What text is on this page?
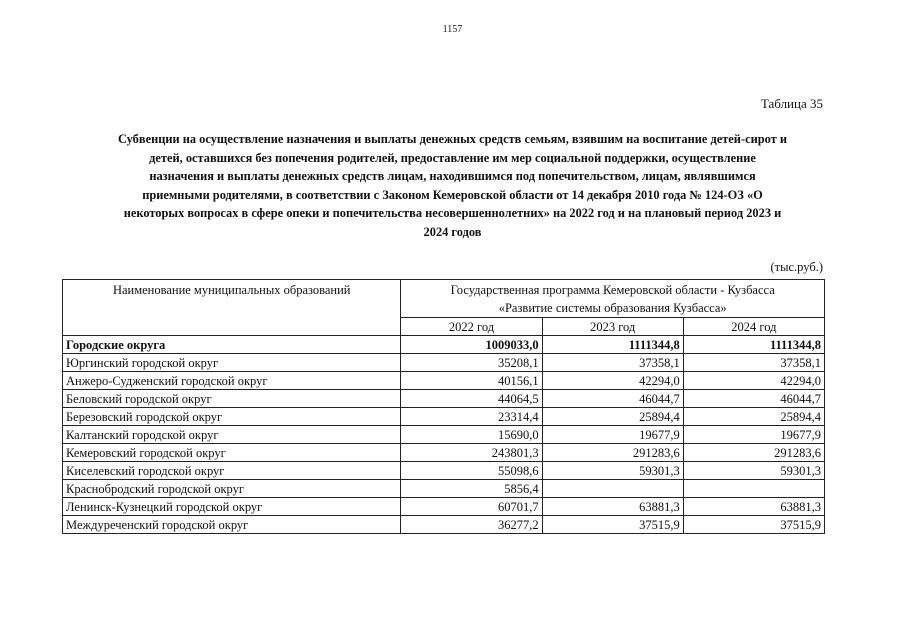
1157
Таблица 35
Субвенции на осуществление назначения и выплаты денежных средств семьям, взявшим на воспитание детей-сирот и
детей, оставшихся без попечения родителей, предоставление им мер социальной поддержки, осуществление
назначения и выплаты денежных средств лицам, находившимся под попечительством, лицам, являвшимся
приемными родителями, в соответствии с Законом Кемеровской области от 14 декабря 2010 года № 124-ОЗ «О
некоторых вопросах в сфере опеки и попечительства несовершеннолетних» на 2022 год и на плановый период 2023 и
2024 годов
(тыс.руб.)
Наименование муниципальных образований	Государственная программа Кемеровской области - Кузбасса
«Развитие системы образования Кузбасса»		

	2022 год	2023 год	2024 год
Городские округа	1009033,0	1111344,8	1111344,8
Юргинский городской округ	35208,1	37358,1	37358,1
Анжеро-Судженский городской округ	40156,1	42294,0	42294,0
Беловский городской округ	44064,5	46044,7	46044,7
Березовский городской округ	23314,4	25894,4	25894,4
Калтанский городской округ	15690,0	19677,9	19677,9
Кемеровский городской округ	243801,3	291283,6	291283,6
Киселевский городской округ	55098,6	59301,3	59301,3
Краснобродский городской округ	5856,4		
Ленинск-Кузнецкий городской округ	60701,7	63881,3	63881,3
Междуреченский городской округ	36277,2	37515,9	37515,9
